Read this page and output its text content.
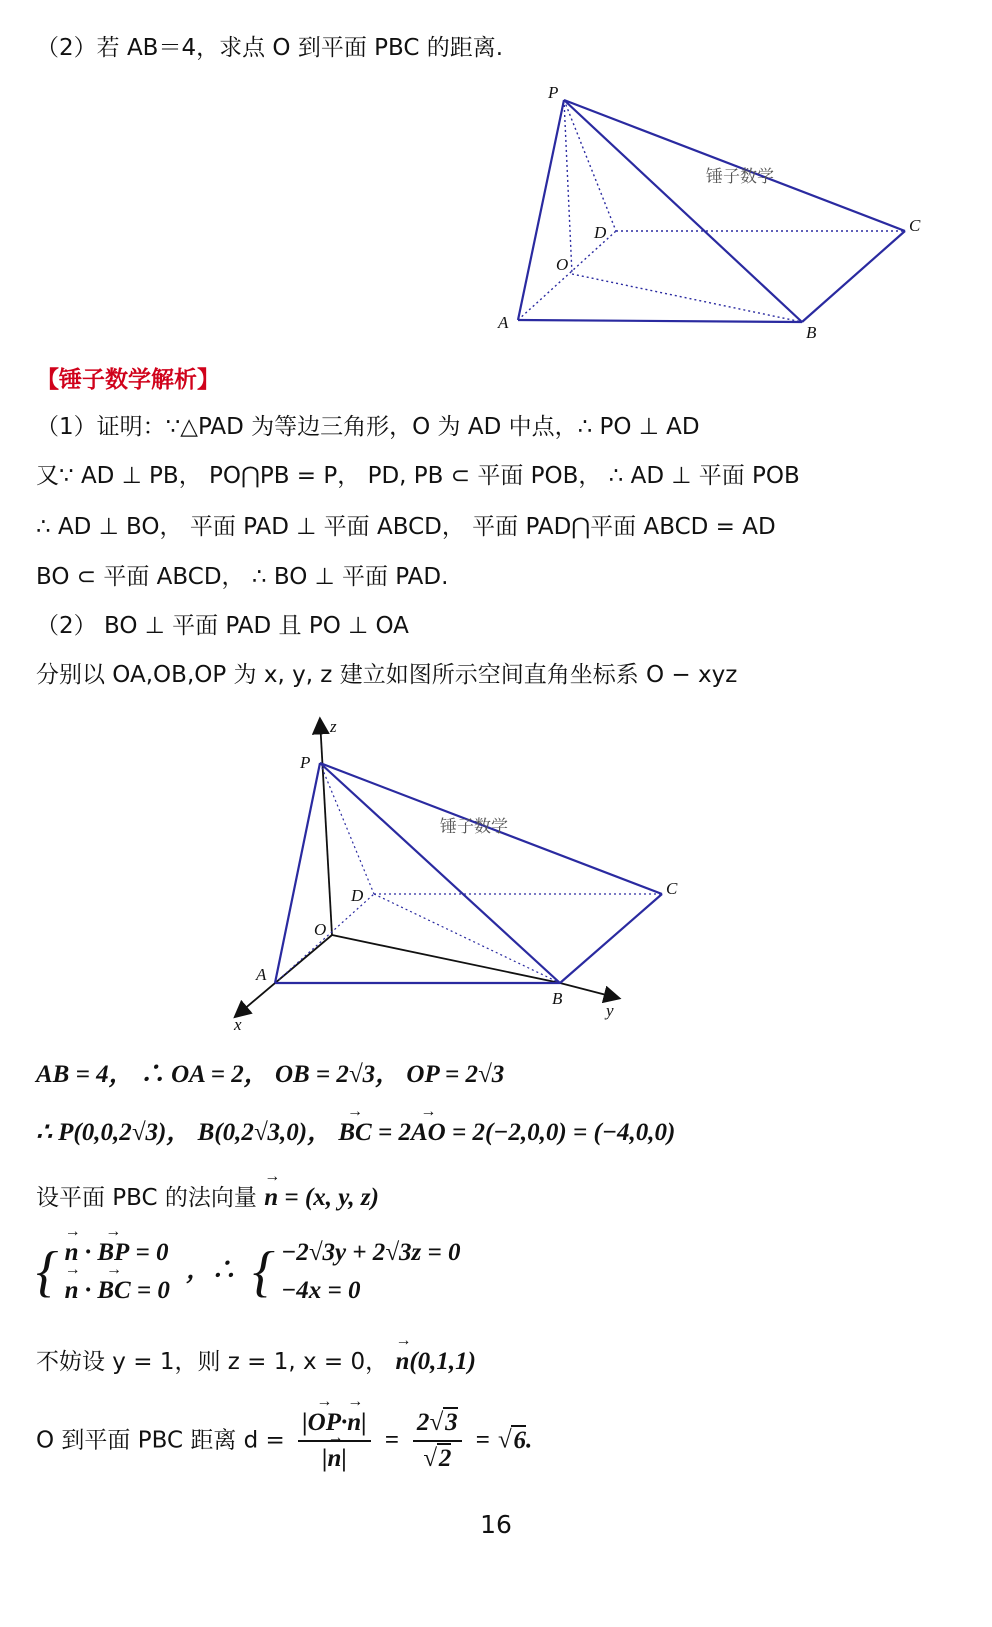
（2）若 AB＝4，求点 O 到平面 PBC 的距离.
P
A
B
C
D
O
锤子数学
【锤子数学解析】
（1）证明：∵△PAD 为等边三角形，O 为 AD 中点，∴ PO ⊥ AD
又∵ AD ⊥ PB， PO⋂PB = P， PD, PB ⊂ 平面 POB， ∴ AD ⊥ 平面 POB
∴ AD ⊥ BO， 平面 PAD ⊥ 平面 ABCD， 平面 PAD⋂平面 ABCD = AD
BO ⊂ 平面 ABCD， ∴ BO ⊥ 平面 PAD.
（2） BO ⊥ 平面 PAD 且 PO ⊥ OA
分别以 OA,OB,OP 为 x, y, z 建立如图所示空间直角坐标系 O − xyz
P
A
B
C
D
O
x
y
z
锤子数学
AB = 4， ∴ OA = 2， OB = 2√3， OP = 2√3
∴ P(0,0,2√3)， B(0,2√3,0)， → BC = 2→ AO = 2(−2,0,0) = (−4,0,0)
设平面 PBC 的法向量 → n = (x, y, z)
{ → n · → BP = 0
→ n · → BC = 0
，∴ { −2√3y + 2√3z = 0
−4x = 0
不妨设 y = 1，则 z = 1, x = 0， → n(0,1,1)
O 到平面 PBC 距离 $d = \frac{|\to OP\cdot\to n|}{|\to n|} = \frac{2√3}{√2} = √6$.
16
